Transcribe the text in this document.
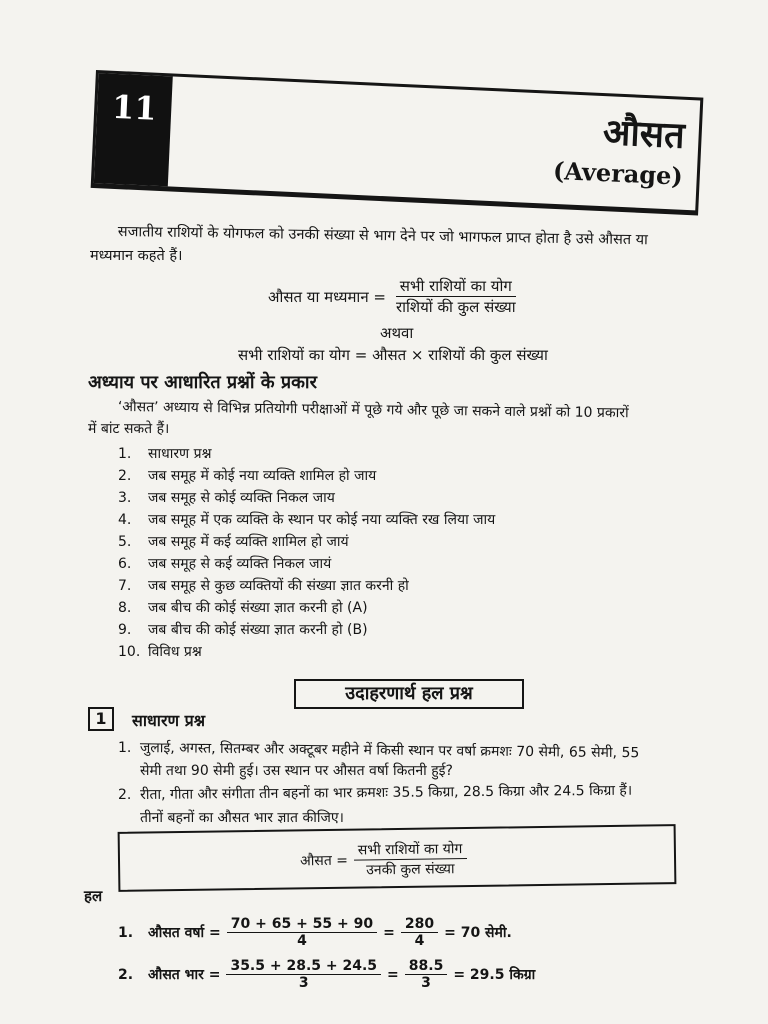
11
औसत
(Average)
सजातीय राशियों के योगफल को उनकी संख्या से भाग देने पर जो भागफल प्राप्त होता है उसे औसत या
मध्यमान कहते हैं।
औसत या मध्यमान = $\frac{\text{सभी राशियों का योग}}{\text{राशियों की कुल संख्या}}$
अथवा
सभी राशियों का योग = औसत × राशियों की कुल संख्या
अध्याय पर आधारित प्रश्नों के प्रकार
‘औसत’ अध्याय से विभिन्न प्रतियोगी परीक्षाओं में पूछे गये और पूछे जा सकने वाले प्रश्नों को 10 प्रकारों
में बांट सकते हैं।
1. साधारण प्रश्न
2. जब समूह में कोई नया व्यक्ति शामिल हो जाय
3. जब समूह से कोई व्यक्ति निकल जाय
4. जब समूह में एक व्यक्ति के स्थान पर कोई नया व्यक्ति रख लिया जाय
5. जब समूह में कई व्यक्ति शामिल हो जायं
6. जब समूह से कई व्यक्ति निकल जायं
7. जब समूह से कुछ व्यक्तियों की संख्या ज्ञात करनी हो
8. जब बीच की कोई संख्या ज्ञात करनी हो (A)
9. जब बीच की कोई संख्या ज्ञात करनी हो (B)
10. विविध प्रश्न
उदाहरणार्थ हल प्रश्न
1	साधारण प्रश्न
1. जुलाई, अगस्त, सितम्बर और अक्टूबर महीने में किसी स्थान पर वर्षा क्रमशः 70 सेमी, 65 सेमी, 55
सेमी तथा 90 सेमी हुई। उस स्थान पर औसत वर्षा कितनी हुई?
2. रीता, गीता और संगीता तीन बहनों का भार क्रमशः 35.5 किग्रा, 28.5 किग्रा और 24.5 किग्रा हैं।
तीनों बहनों का औसत भार ज्ञात कीजिए।
औसत = $\frac{\text{सभी राशियों का योग}}{\text{उनकी कुल संख्या}}$
हल
1.	औसत वर्षा = $\frac{70 + 65 + 55 + 90}{4} = \frac{280}{4} = 70$ सेमी.
2.	औसत भार = $\frac{35.5 + 28.5 + 24.5}{3} = \frac{88.5}{3} = 29.5$ किग्रा
